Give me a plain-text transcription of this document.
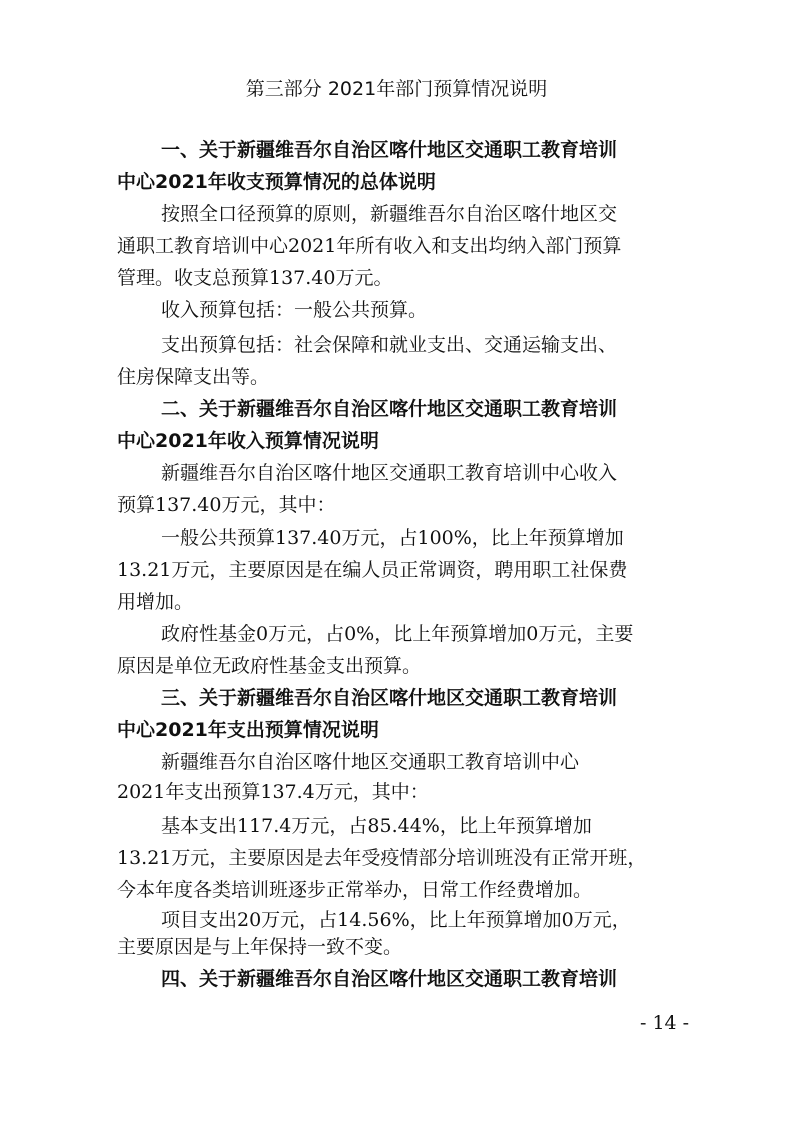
第三部分 2021年部门预算情况说明
一、关于新疆维吾尔自治区喀什地区交通职工教育培训
中心2021年收支预算情况的总体说明
按照全口径预算的原则，新疆维吾尔自治区喀什地区交
通职工教育培训中心2021年所有收入和支出均纳入部门预算
管理。收支总预算137.40万元。
收入预算包括：一般公共预算。
支出预算包括：社会保障和就业支出、交通运输支出、
住房保障支出等。
二、关于新疆维吾尔自治区喀什地区交通职工教育培训
中心2021年收入预算情况说明
新疆维吾尔自治区喀什地区交通职工教育培训中心收入
预算137.40万元，其中：
一般公共预算137.40万元，占100%，比上年预算增加
13.21万元，主要原因是在编人员正常调资，聘用职工社保费
用增加。
政府性基金0万元，占0%，比上年预算增加0万元，主要
原因是单位无政府性基金支出预算。
三、关于新疆维吾尔自治区喀什地区交通职工教育培训
中心2021年支出预算情况说明
新疆维吾尔自治区喀什地区交通职工教育培训中心
2021年支出预算137.4万元，其中：
基本支出117.4万元，占85.44%，比上年预算增加
13.21万元，主要原因是去年受疫情部分培训班没有正常开班，
今本年度各类培训班逐步正常举办，日常工作经费增加。
项目支出20万元，占14.56%，比上年预算增加0万元，
主要原因是与上年保持一致不变。
四、关于新疆维吾尔自治区喀什地区交通职工教育培训
- 14 -
